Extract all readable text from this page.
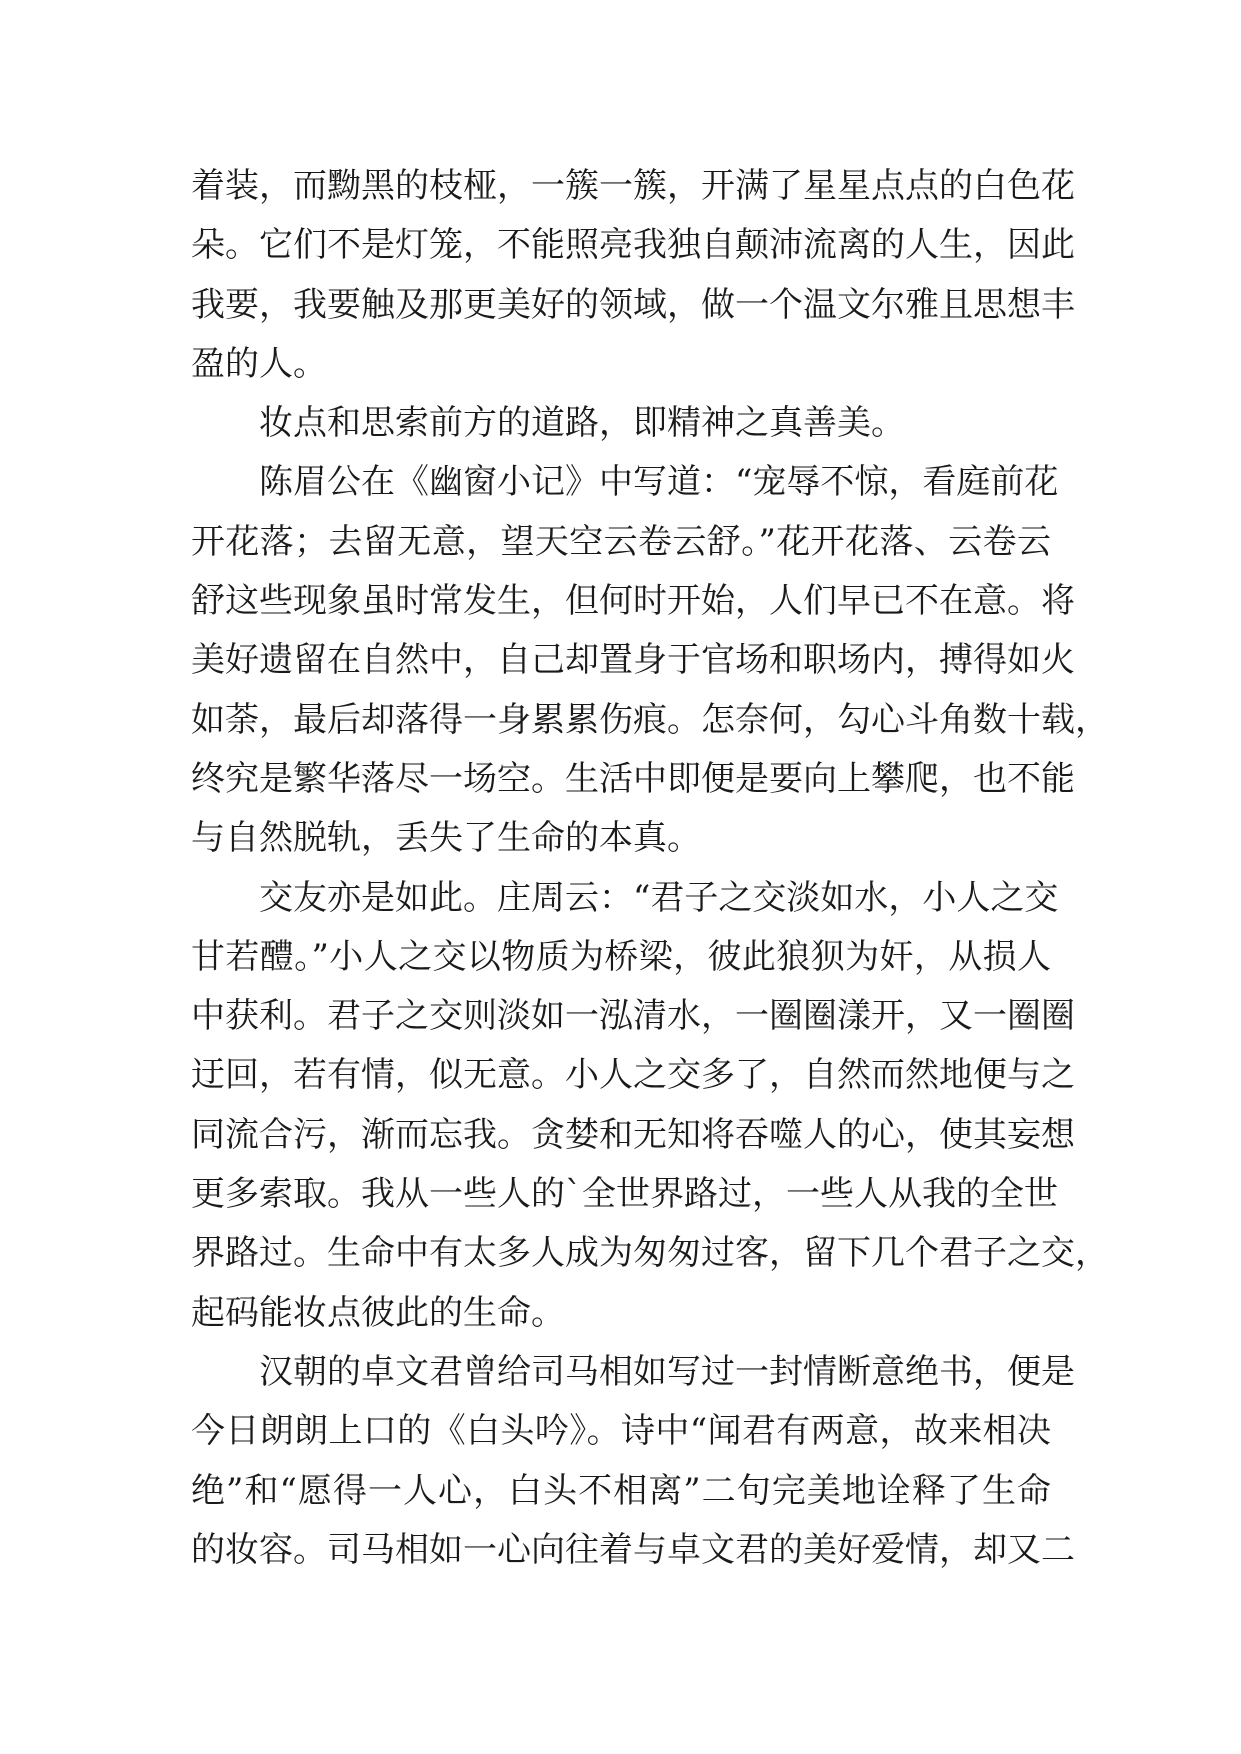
着装，而黝黑的枝桠，一簇一簇，开满了星星点点的白色花
朵。它们不是灯笼，不能照亮我独自颠沛流离的人生，因此
我要，我要触及那更美好的领域，做一个温文尔雅且思想丰
盈的人。
妆点和思索前方的道路，即精神之真善美。
陈眉公在《幽窗小记》中写道：“宠辱不惊，看庭前花
开花落；去留无意，望天空云卷云舒。”花开花落、云卷云
舒这些现象虽时常发生，但何时开始，人们早已不在意。将
美好遗留在自然中，自己却置身于官场和职场内，搏得如火
如荼，最后却落得一身累累伤痕。怎奈何，勾心斗角数十载，
终究是繁华落尽一场空。生活中即便是要向上攀爬，也不能
与自然脱轨，丢失了生命的本真。
交友亦是如此。庄周云：“君子之交淡如水，小人之交
甘若醴。”小人之交以物质为桥梁，彼此狼狈为奸，从损人
中获利。君子之交则淡如一泓清水，一圈圈漾开，又一圈圈
迂回，若有情，似无意。小人之交多了，自然而然地便与之
同流合污，渐而忘我。贪婪和无知将吞噬人的心，使其妄想
更多索取。我从一些人的`全世界路过，一些人从我的全世
界路过。生命中有太多人成为匆匆过客，留下几个君子之交，
起码能妆点彼此的生命。
汉朝的卓文君曾给司马相如写过一封情断意绝书，便是
今日朗朗上口的《白头吟》。诗中“闻君有两意，故来相决
绝”和“愿得一人心，白头不相离”二句完美地诠释了生命
的妆容。司马相如一心向往着与卓文君的美好爱情，却又二
